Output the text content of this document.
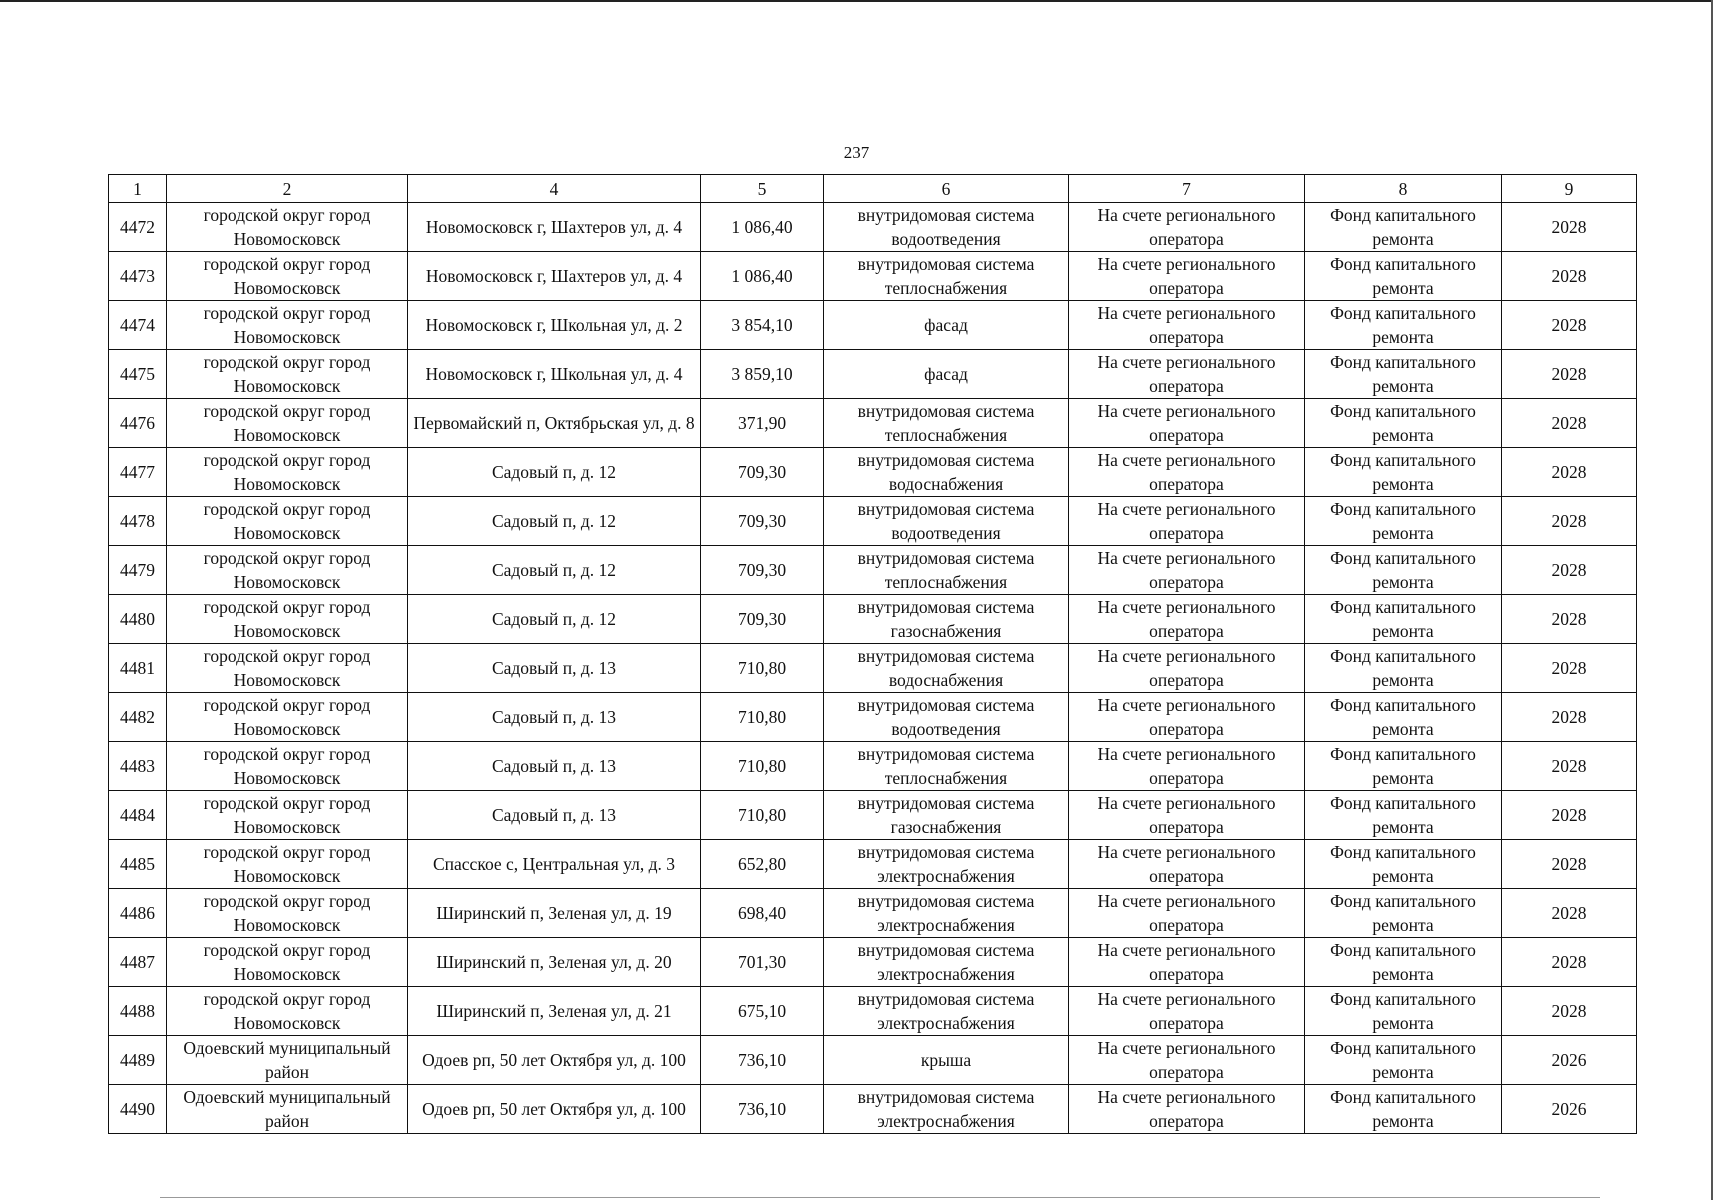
237
1	2	4	5	6	7	8	9
4472	городской округ город Новомосковск	Новомосковск г, Шахтеров ул, д. 4	1 086,40	внутридомовая система водоотведения	На счете регионального оператора	Фонд капитального ремонта	2028
4473	городской округ город Новомосковск	Новомосковск г, Шахтеров ул, д. 4	1 086,40	внутридомовая система теплоснабжения	На счете регионального оператора	Фонд капитального ремонта	2028
4474	городской округ город Новомосковск	Новомосковск г, Школьная ул, д. 2	3 854,10	фасад	На счете регионального оператора	Фонд капитального ремонта	2028
4475	городской округ город Новомосковск	Новомосковск г, Школьная ул, д. 4	3 859,10	фасад	На счете регионального оператора	Фонд капитального ремонта	2028
4476	городской округ город Новомосковск	Первомайский п, Октябрьская ул, д. 8	371,90	внутридомовая система теплоснабжения	На счете регионального оператора	Фонд капитального ремонта	2028
4477	городской округ город Новомосковск	Садовый п, д. 12	709,30	внутридомовая система водоснабжения	На счете регионального оператора	Фонд капитального ремонта	2028
4478	городской округ город Новомосковск	Садовый п, д. 12	709,30	внутридомовая система водоотведения	На счете регионального оператора	Фонд капитального ремонта	2028
4479	городской округ город Новомосковск	Садовый п, д. 12	709,30	внутридомовая система теплоснабжения	На счете регионального оператора	Фонд капитального ремонта	2028
4480	городской округ город Новомосковск	Садовый п, д. 12	709,30	внутридомовая система газоснабжения	На счете регионального оператора	Фонд капитального ремонта	2028
4481	городской округ город Новомосковск	Садовый п, д. 13	710,80	внутридомовая система водоснабжения	На счете регионального оператора	Фонд капитального ремонта	2028
4482	городской округ город Новомосковск	Садовый п, д. 13	710,80	внутридомовая система водоотведения	На счете регионального оператора	Фонд капитального ремонта	2028
4483	городской округ город Новомосковск	Садовый п, д. 13	710,80	внутридомовая система теплоснабжения	На счете регионального оператора	Фонд капитального ремонта	2028
4484	городской округ город Новомосковск	Садовый п, д. 13	710,80	внутридомовая система газоснабжения	На счете регионального оператора	Фонд капитального ремонта	2028
4485	городской округ город Новомосковск	Спасское с, Центральная ул, д. 3	652,80	внутридомовая система электроснабжения	На счете регионального оператора	Фонд капитального ремонта	2028
4486	городской округ город Новомосковск	Ширинский п, Зеленая ул, д. 19	698,40	внутридомовая система электроснабжения	На счете регионального оператора	Фонд капитального ремонта	2028
4487	городской округ город Новомосковск	Ширинский п, Зеленая ул, д. 20	701,30	внутридомовая система электроснабжения	На счете регионального оператора	Фонд капитального ремонта	2028
4488	городской округ город Новомосковск	Ширинский п, Зеленая ул, д. 21	675,10	внутридомовая система электроснабжения	На счете регионального оператора	Фонд капитального ремонта	2028
4489	Одоевский муниципальный район	Одоев рп, 50 лет Октября ул, д. 100	736,10	крыша	На счете регионального оператора	Фонд капитального ремонта	2026
4490	Одоевский муниципальный район	Одоев рп, 50 лет Октября ул, д. 100	736,10	внутридомовая система электроснабжения	На счете регионального оператора	Фонд капитального ремонта	2026
